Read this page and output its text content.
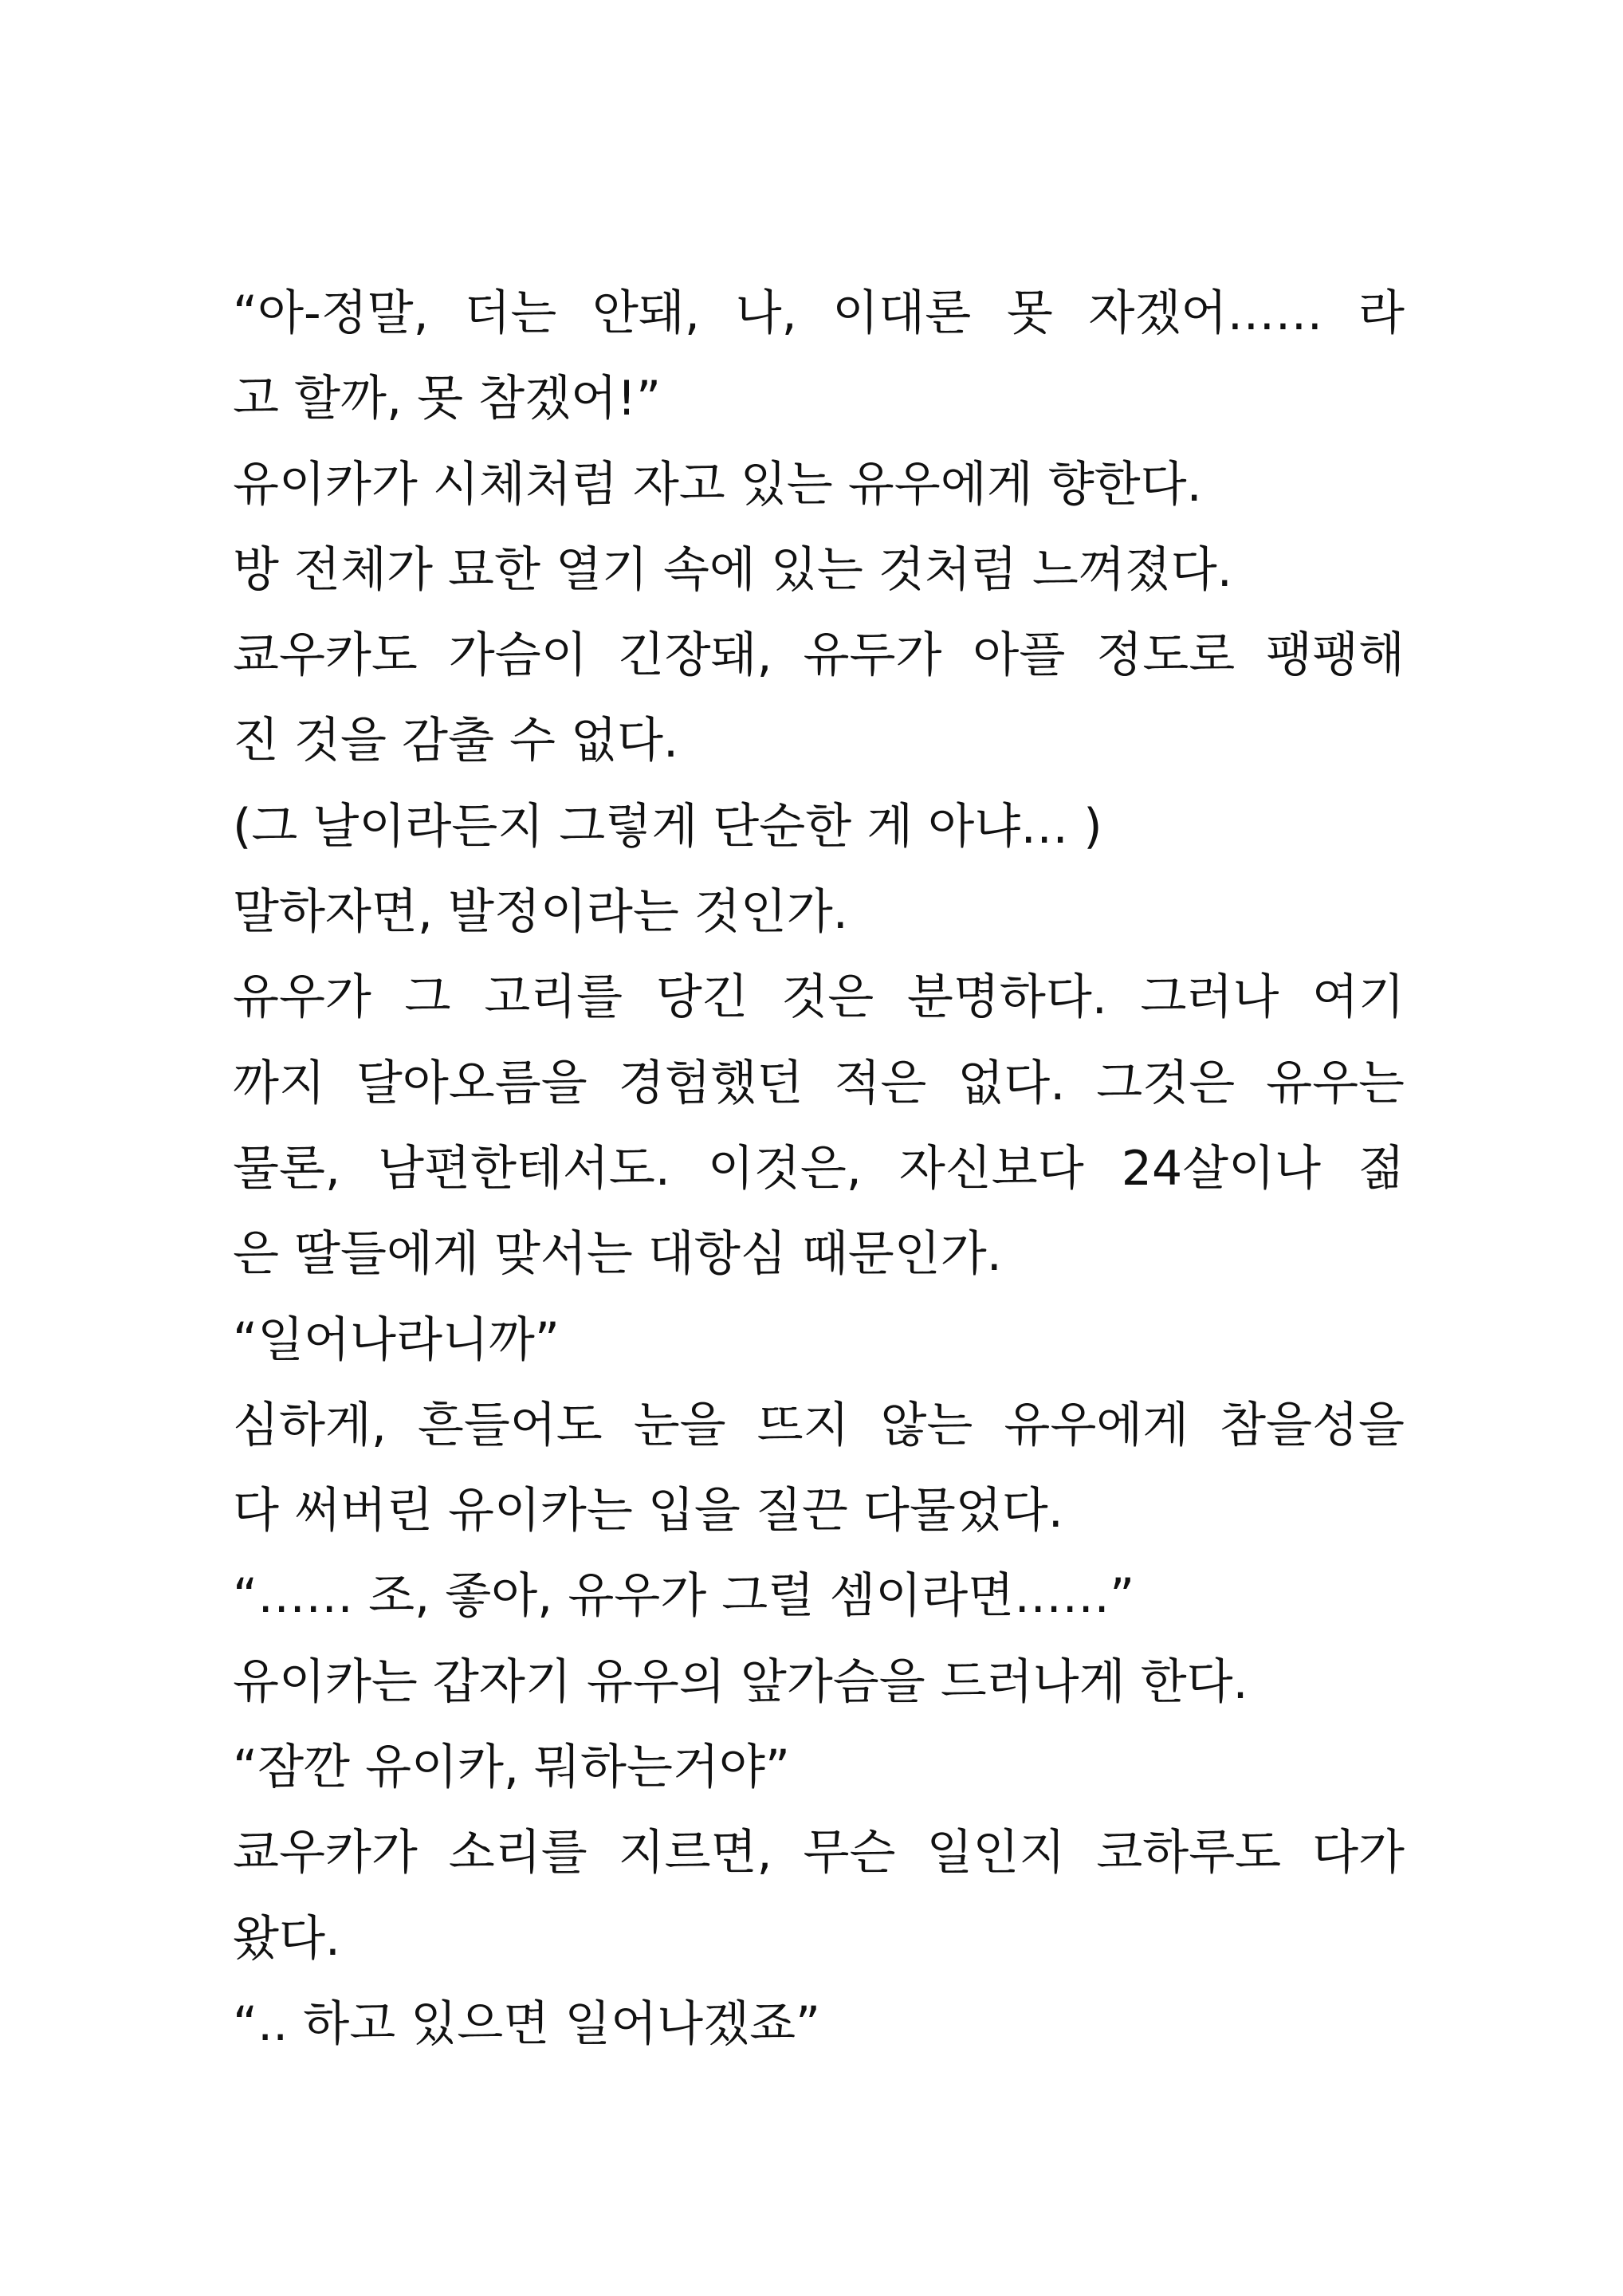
“아-정말, 더는 안돼, 나, 이대론 못 자겠어…… 라
고 할까, 못 참겠어!”
유이카가 시체처럼 자고 있는 유우에게 향한다.
방 전체가 묘한 열기 속에 있는 것처럼 느껴졌다.
쿄우카도 가슴이 긴장돼, 유두가 아플 정도로 팽팽해
진 것을 감출 수 없다.
(그 날이라든지 그렇게 단순한 게 아냐… )
말하자면, 발정이라는 것인가.
유우가 그 고리를 당긴 것은 분명하다. 그러나 여기
까지 달아오름을 경험했던 적은 없다. 그것은 유우는
물론, 남편한테서도. 이것은, 자신보다 24살이나 젊
은 딸들에게 맞서는 대항심 때문인가.
“일어나라니까”
심하게, 흔들어도 눈을 뜨지 않는 유우에게 참을성을
다 써버린 유이카는 입을 질끈 다물었다.
“…… 조, 좋아, 유우가 그럴 셈이라면……”
유이카는 갑자기 유우의 앞가슴을 드러나게 한다.
“잠깐 유이카, 뭐하는거야”
쿄우카가 소리를 지르면, 무슨 일인지 코하루도 다가
왔다.
“.. 하고 있으면 일어나겠죠”
